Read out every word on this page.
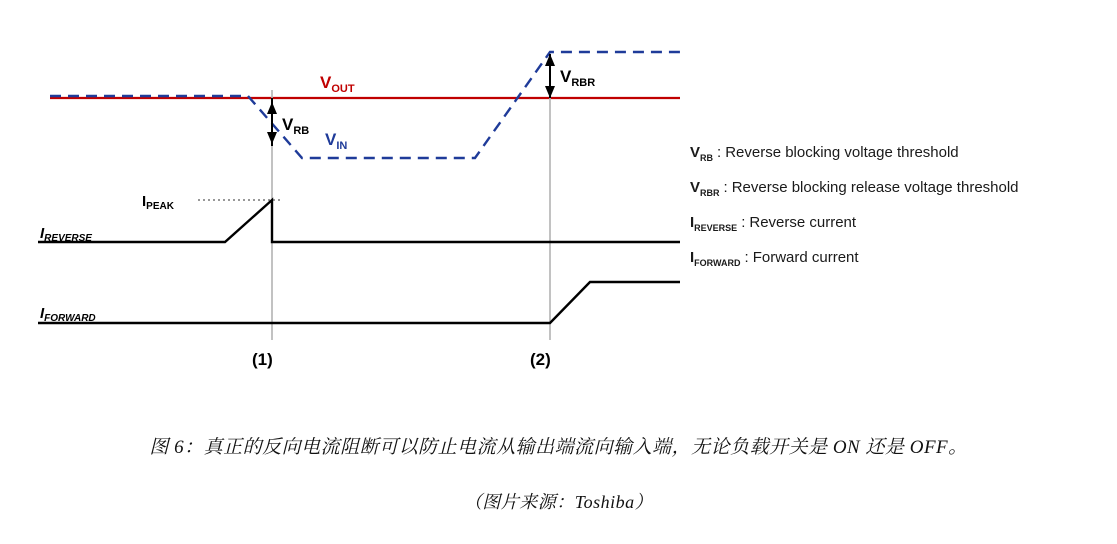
$V_{OUT}$
$V_{IN}$
$V_{RB}$
$V_{RBR}$
$I_{PEAK}$
$I_{REVERSE}$
$I_{FORWARD}$
(1)	(2)
$V_{RB}$ : Reverse blocking voltage threshold
$V_{RBR}$ : Reverse blocking release voltage threshold
$I_{REVERSE}$ : Reverse current
$I_{FORWARD}$ : Forward current
图 6：真正的反向电流阻断可以防止电流从输出端流向输入端，无论负载开关是 ON 还是 OFF。
（图片来源：Toshiba）
